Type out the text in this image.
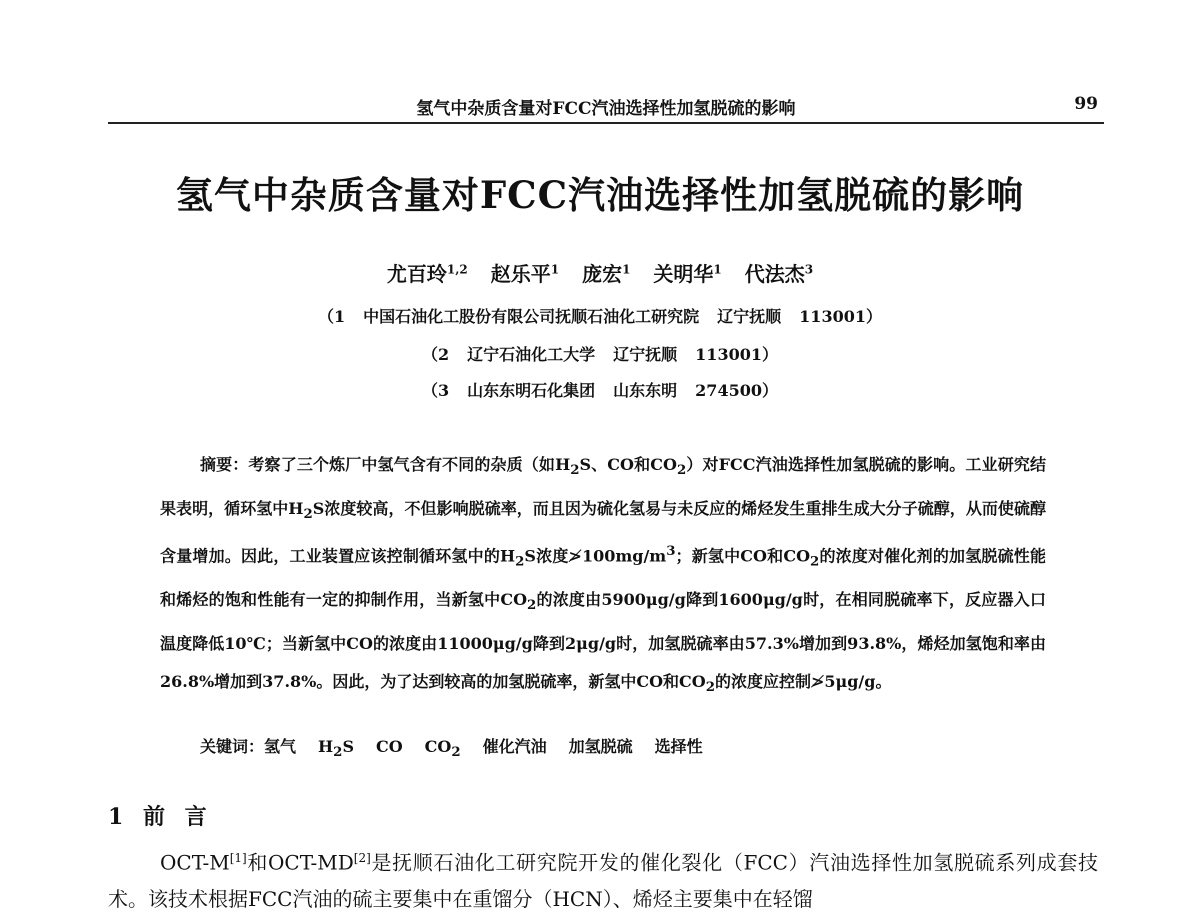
氢气中杂质含量对FCC汽油选择性加氢脱硫的影响	99
氢气中杂质含量对FCC汽油选择性加氢脱硫的影响
尤百玲$^{1,2}$ 赵乐平$^1$ 庞宏$^1$ 关明华$^1$ 代法杰$^3$
（1 中国石油化工股份有限公司抚顺石油化工研究院 辽宁抚顺 113001）
（2 辽宁石油化工大学 辽宁抚顺 113001）
（3 山东东明石化集团 山东东明 274500）

摘要：考察了三个炼厂中氢气含有不同的杂质（如$H_2S$、CO和$CO_2$）对FCC汽油选择性加氢脱硫的影响。工业研究结果表明，循环氢中$H_2S$浓度较高，不但影响脱硫率，而且因为硫化氢易与未反应的烯烃发生重排生成大分子硫醇，从而使硫醇含量增加。因此，工业装置应该控制循环氢中的$H_2S$浓度$≯100mg/m^3$；新氢中CO和$CO_2$的浓度对催化剂的加氢脱硫性能和烯烃的饱和性能有一定的抑制作用，当新氢中$CO_2$的浓度由5900μg/g降到1600μg/g时，在相同脱硫率下，反应器入口温度降低10℃；当新氢中CO的浓度由11000μg/g降到2μg/g时，加氢脱硫率由57.3%增加到93.8%，烯烃加氢饱和率由26.8%增加到37.8%。因此，为了达到较高的加氢脱硫率，新氢中CO和$CO_2$的浓度应控制≯5μg/g。

关键词：氢气 $H_2S$ CO $CO_2$ 催化汽油 加氢脱硫 选择性
1 前 言

OCT-M[1]和OCT-MD[2]是抚顺石油化工研究院开发的催化裂化（FCC）汽油选择性加氢脱硫系列成套技术。该技术根据FCC汽油的硫主要集中在重馏分（HCN）、烯烃主要集中在轻馏
